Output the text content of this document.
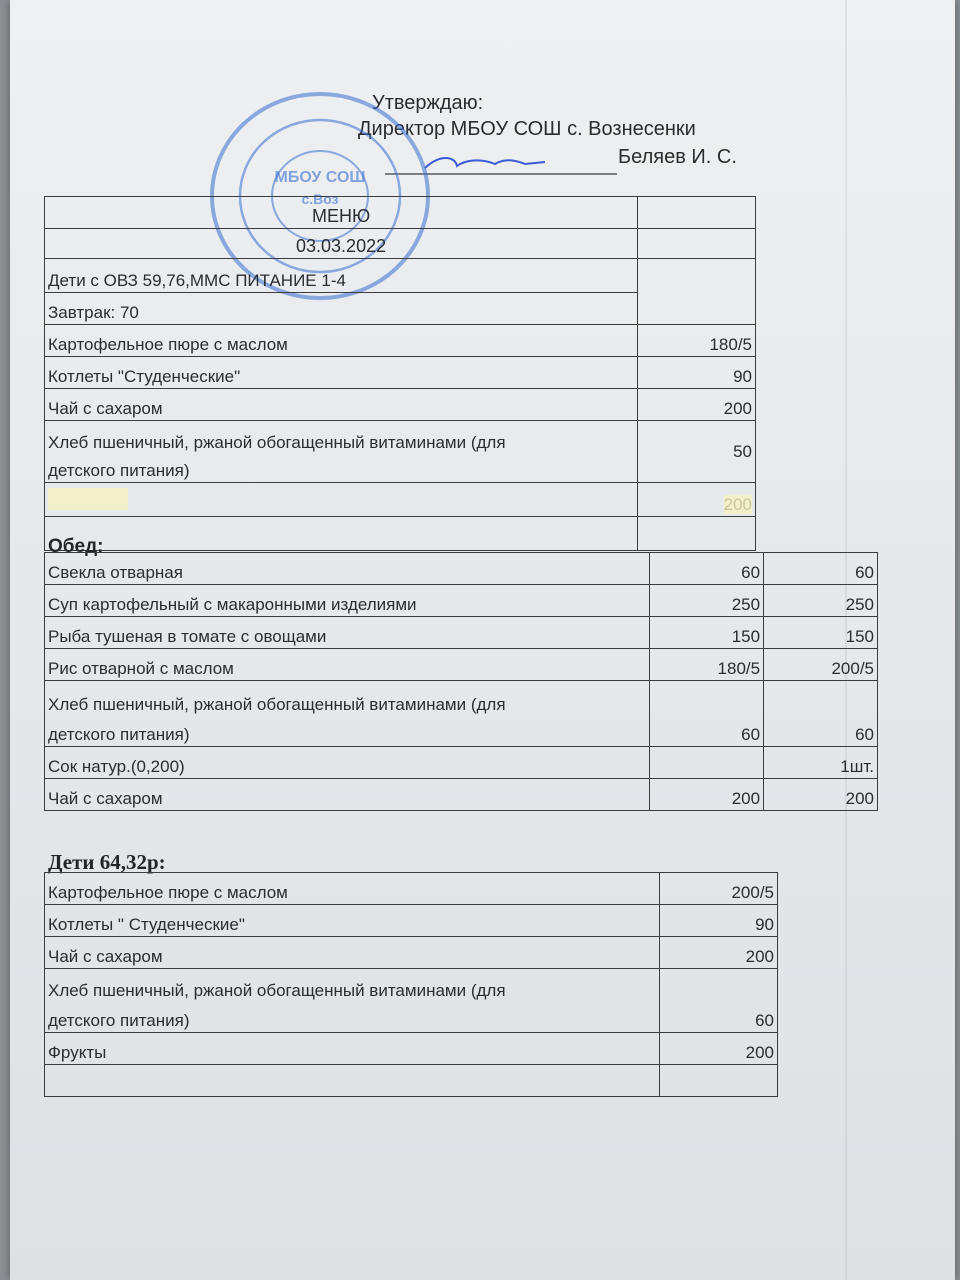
Утверждаю:
Директор МБОУ СОШ с. Вознесенки
Беляев И. С.
МБОУ СОШ
с.Воз
МЕНЮ	
03.03.2022	
Дети с ОВЗ 59,76,ММС ПИТАНИЕ 1-4	
Завтрак: 70	
Картофельное пюре с маслом	180/5
Котлеты "Студенческие"	90
Чай с сахаром	200

Хлеб пшеничный, ржаной обогащенный витаминами (для
детского питания)	50
	200

Обед:
Свекла отварная	60	60
Суп картофельный с макаронными изделиями	250	250
Рыба тушеная в томате с овощами	150	150
Рис отварной с маслом	180/5	200/5

Хлеб пшеничный, ржаной обогащенный витаминами (для
детского питания)	60	60
Сок натур.(0,200)		1шт.
Чай с сахаром	200	200
Дети 64,32р:
Картофельное пюре с маслом	200/5
Котлеты " Студенческие"	90
Чай с сахаром	200

Хлеб пшеничный, ржаной обогащенный витаминами (для
детского питания)	60
Фрукты	200
